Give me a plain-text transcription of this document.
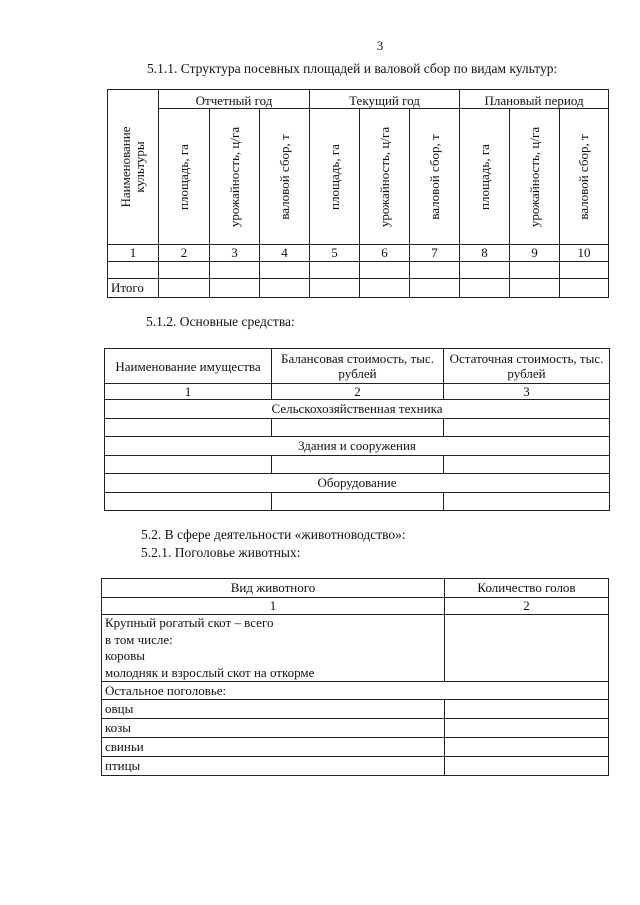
3
5.1.1. Структура посевных площадей и валовой сбор по видам культур:
Наименование культуры	Отчетный год			Текущий год			Плановый период		

	площадь, га	урожайность, ц/га	валовой сбор, т	площадь, га	урожайность, ц/га	валовой сбор, т	площадь, га	урожайность, ц/га	валовой сбор, т

1	2	3	4	5	6	7	8	9	10

Итого									
5.1.2. Основные средства:
Наименование имущества	Балансовая стоимость, тыс. рублей	Остаточная стоимость, тыс. рублей
1	2	3
Сельскохозяйственная техника		

Здания и сооружения		

Оборудование		

5.2. В сфере деятельности «животноводство»:
5.2.1. Поголовье животных:
Вид животного	Количество голов
1	2

Крупный рогатый скот – всего
в том числе:
коровы
молодняк и взрослый скот на откорме	

Остальное поголовье:	
овцы	
козы	
свиньи	
птицы	
